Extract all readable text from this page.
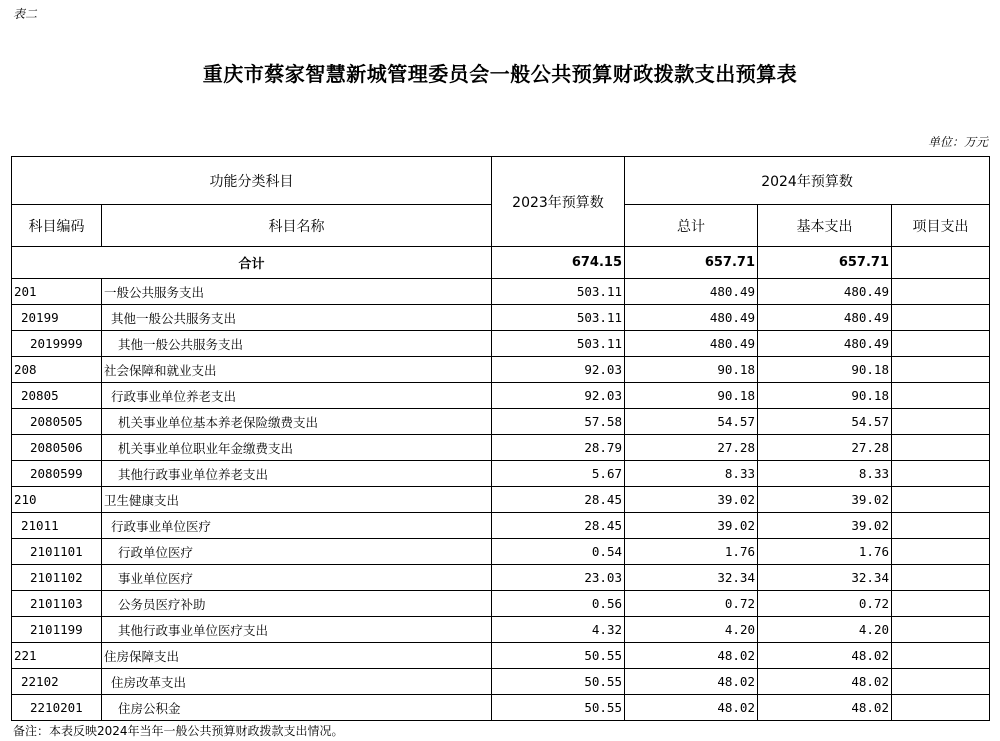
表二
重庆市蔡家智慧新城管理委员会一般公共预算财政拨款支出预算表
单位：万元
功能分类科目		2023年预算数	2024年预算数		
科目编码	科目名称		总计	基本支出	项目支出
合计		674.15	657.71	657.71	
201	一般公共服务支出	503.11	480.49	480.49	
20199	其他一般公共服务支出	503.11	480.49	480.49	
2019999	其他一般公共服务支出	503.11	480.49	480.49	
208	社会保障和就业支出	92.03	90.18	90.18	
20805	行政事业单位养老支出	92.03	90.18	90.18	
2080505	机关事业单位基本养老保险缴费支出	57.58	54.57	54.57	
2080506	机关事业单位职业年金缴费支出	28.79	27.28	27.28	
2080599	其他行政事业单位养老支出	5.67	8.33	8.33	
210	卫生健康支出	28.45	39.02	39.02	
21011	行政事业单位医疗	28.45	39.02	39.02	
2101101	行政单位医疗	0.54	1.76	1.76	
2101102	事业单位医疗	23.03	32.34	32.34	
2101103	公务员医疗补助	0.56	0.72	0.72	
2101199	其他行政事业单位医疗支出	4.32	4.20	4.20	
221	住房保障支出	50.55	48.02	48.02	
22102	住房改革支出	50.55	48.02	48.02	
2210201	住房公积金	50.55	48.02	48.02	
备注：本表反映2024年当年一般公共预算财政拨款支出情况。
